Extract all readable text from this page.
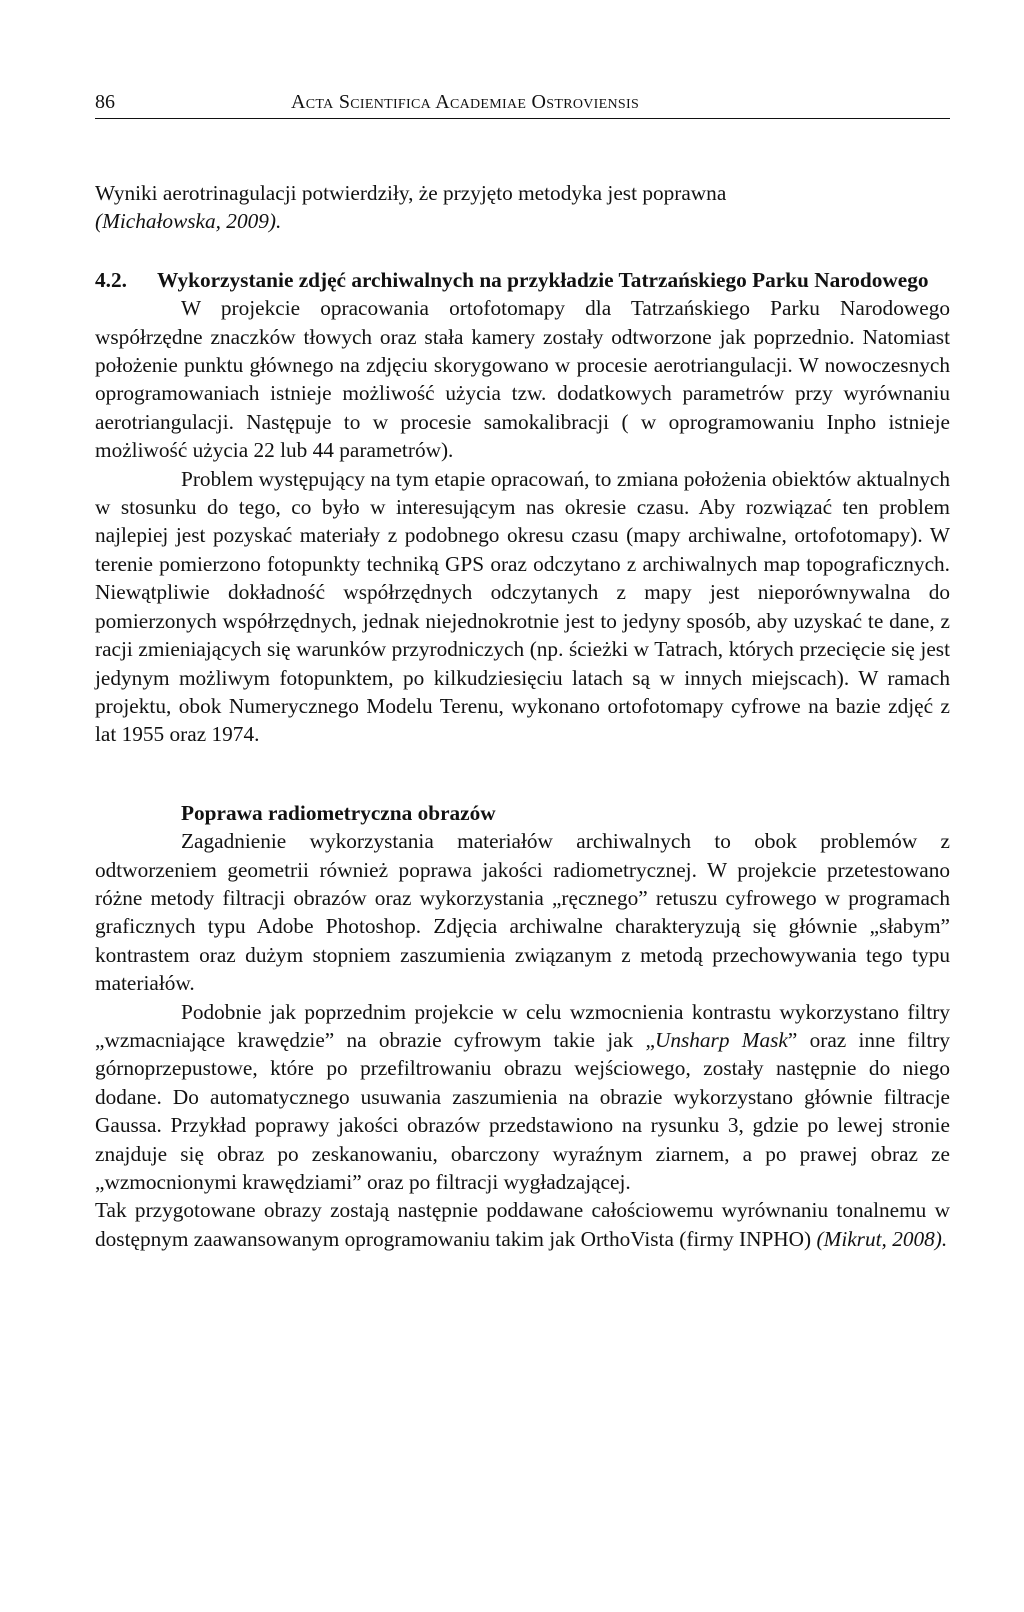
86	Acta Scientifica Academiae Ostroviensis

Wyniki aerotrinagulacji potwierdziły, że przyjęto metodyka jest poprawna
(Michałowska, 2009).

4.2. Wykorzystanie zdjęć archiwalnych na przykładzie Tatrzańskiego Parku Narodowego

W projekcie opracowania ortofotomapy dla Tatrzańskiego Parku Narodowego współrzędne znaczków tłowych oraz stała kamery zostały odtworzone jak poprzednio. Natomiast położenie punktu głównego na zdjęciu skorygowano w procesie aerotriangulacji. W nowoczesnych oprogramowaniach istnieje możliwość użycia tzw. dodatkowych parametrów przy wyrównaniu aerotriangulacji. Następuje to w procesie samokalibracji ( w oprogramowaniu Inpho istnieje możliwość użycia 22 lub 44 parametrów).

Problem występujący na tym etapie opracowań, to zmiana położenia obiektów aktualnych w stosunku do tego, co było w interesującym nas okresie czasu. Aby rozwiązać ten problem najlepiej jest pozyskać materiały z podobnego okresu czasu (mapy archiwalne, ortofotomapy). W terenie pomierzono fotopunkty techniką GPS oraz odczytano z archiwalnych map topograficznych. Niewątpliwie dokładność współrzędnych odczytanych z mapy jest nieporównywalna do pomierzonych współrzędnych, jednak niejednokrotnie jest to jedyny sposób, aby uzyskać te dane, z racji zmieniających się warunków przyrodniczych (np. ścieżki w Tatrach, których przecięcie się jest jedynym możliwym fotopunktem, po kilkudziesięciu latach są w innych miejscach). W ramach projektu, obok Numerycznego Modelu Terenu, wykonano ortofotomapy cyfrowe na bazie zdjęć z lat 1955 oraz 1974.

Poprawa radiometryczna obrazów

Zagadnienie wykorzystania materiałów archiwalnych to obok problemów z odtworzeniem geometrii również poprawa jakości radiometrycznej. W projekcie przetestowano różne metody filtracji obrazów oraz wykorzystania „ręcznego” retuszu cyfrowego w programach graficznych typu Adobe Photoshop. Zdjęcia archiwalne charakteryzują się głównie „słabym” kontrastem oraz dużym stopniem zaszumienia związanym z metodą przechowywania tego typu materiałów.

Podobnie jak poprzednim projekcie w celu wzmocnienia kontrastu wykorzystano filtry „wzmacniające krawędzie” na obrazie cyfrowym takie jak „Unsharp Mask” oraz inne filtry górnoprzepustowe, które po przefiltrowaniu obrazu wejściowego, zostały następnie do niego dodane. Do automatycznego usuwania zaszumienia na obrazie wykorzystano głównie filtracje Gaussa. Przykład poprawy jakości obrazów przedstawiono na rysunku 3, gdzie po lewej stronie znajduje się obraz po zeskanowaniu, obarczony wyraźnym ziarnem, a po prawej obraz ze „wzmocnionymi krawędziami” oraz po filtracji wygładzającej.

Tak przygotowane obrazy zostają następnie poddawane całościowemu wyrównaniu tonalnemu w dostępnym zaawansowanym oprogramowaniu takim jak OrthoVista (firmy INPHO) (Mikrut, 2008).
